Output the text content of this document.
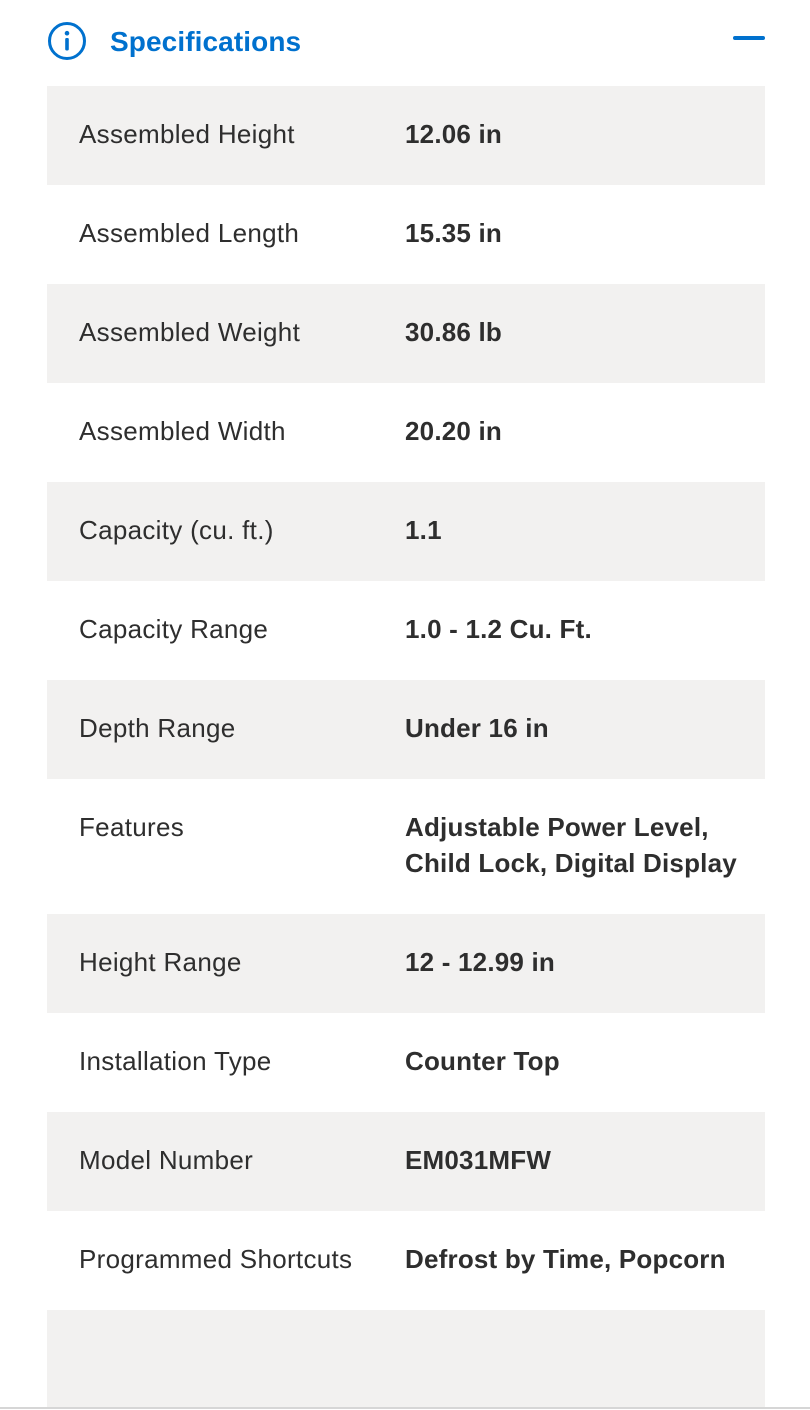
Specifications
Assembled Height	12.06 in
Assembled Length	15.35 in
Assembled Weight	30.86 lb
Assembled Width	20.20 in
Capacity (cu. ft.)	1.1
Capacity Range	1.0 - 1.2 Cu. Ft.
Depth Range	Under 16 in
Features	Adjustable Power Level, Child Lock, Digital Display
Height Range	12 - 12.99 in
Installation Type	Counter Top
Model Number	EM031MFW
Programmed Shortcuts	Defrost by Time, Popcorn
